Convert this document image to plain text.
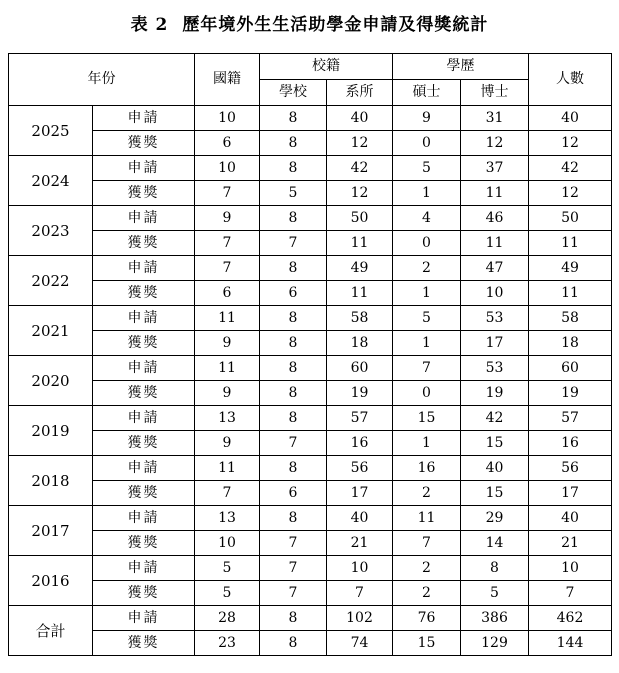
表 2 歷年境外生生活助學金申請及得獎統計
年份		國籍	校籍		學歷		人數
			學校	系所	碩士	博士	
2025	申請	10	8	40	9	31	40
	獲獎	6	8	12	0	12	12
2024	申請	10	8	42	5	37	42
	獲獎	7	5	12	1	11	12
2023	申請	9	8	50	4	46	50
	獲獎	7	7	11	0	11	11
2022	申請	7	8	49	2	47	49
	獲獎	6	6	11	1	10	11
2021	申請	11	8	58	5	53	58
	獲獎	9	8	18	1	17	18
2020	申請	11	8	60	7	53	60
	獲獎	9	8	19	0	19	19
2019	申請	13	8	57	15	42	57
	獲獎	9	7	16	1	15	16
2018	申請	11	8	56	16	40	56
	獲獎	7	6	17	2	15	17
2017	申請	13	8	40	11	29	40
	獲獎	10	7	21	7	14	21
2016	申請	5	7	10	2	8	10
	獲獎	5	7	7	2	5	7
合計	申請	28	8	102	76	386	462
	獲獎	23	8	74	15	129	144
